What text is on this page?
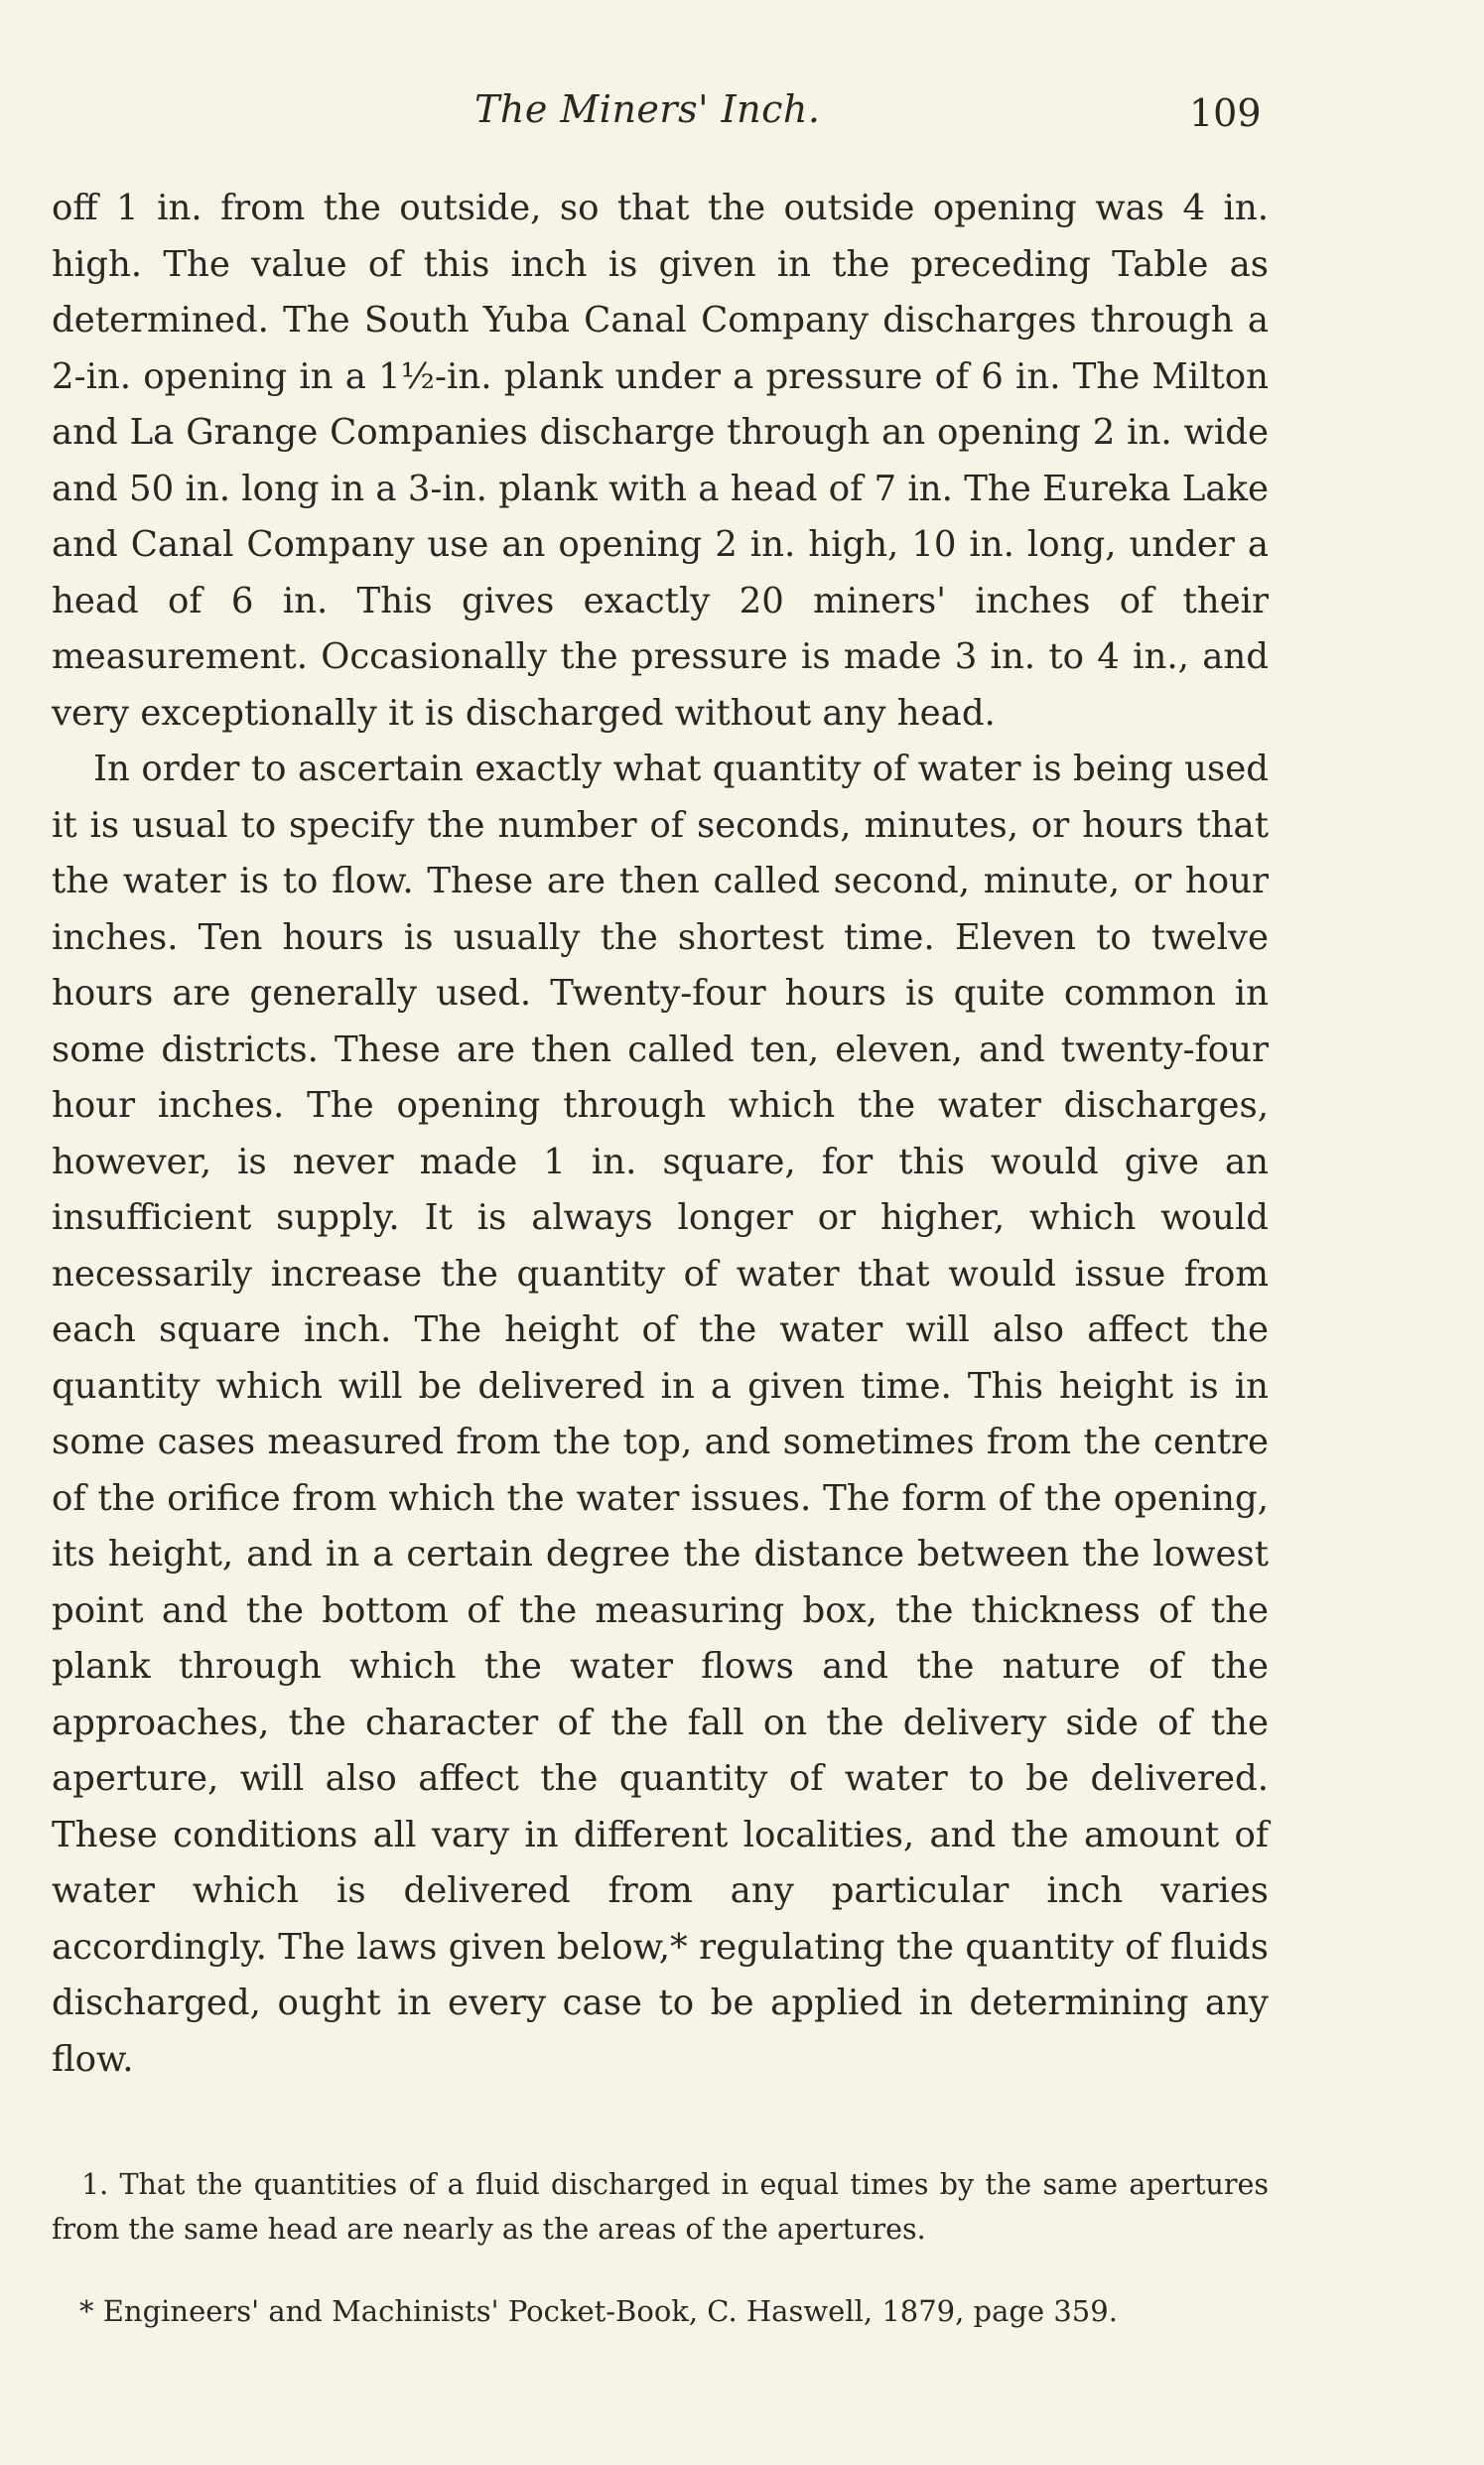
The Miners' Inch.	109

off 1 in. from the outside, so that the outside opening was 4 in. high. The value of this inch is given in the preceding Table as determined. The South Yuba Canal Company discharges through a 2-in. opening in a 1½-in. plank under a pressure of 6 in. The Milton and La Grange Companies discharge through an opening 2 in. wide and 50 in. long in a 3-in. plank with a head of 7 in. The Eureka Lake and Canal Company use an opening 2 in. high, 10 in. long, under a head of 6 in. This gives exactly 20 miners' inches of their measurement. Occasionally the pressure is made 3 in. to 4 in., and very exceptionally it is discharged without any head.

In order to ascertain exactly what quantity of water is being used it is usual to specify the number of seconds, minutes, or hours that the water is to flow. These are then called second, minute, or hour inches. Ten hours is usually the shortest time. Eleven to twelve hours are generally used. Twenty-four hours is quite common in some districts. These are then called ten, eleven, and twenty-four hour inches. The opening through which the water discharges, however, is never made 1 in. square, for this would give an insufficient supply. It is always longer or higher, which would necessarily increase the quantity of water that would issue from each square inch. The height of the water will also affect the quantity which will be delivered in a given time. This height is in some cases measured from the top, and sometimes from the centre of the orifice from which the water issues. The form of the opening, its height, and in a certain degree the distance between the lowest point and the bottom of the measuring box, the thickness of the plank through which the water flows and the nature of the approaches, the character of the fall on the delivery side of the aperture, will also affect the quantity of water to be delivered. These conditions all vary in different localities, and the amount of water which is delivered from any particular inch varies accordingly. The laws given below,* regulating the quantity of fluids discharged, ought in every case to be applied in determining any flow.

1. That the quantities of a fluid discharged in equal times by the same apertures from the same head are nearly as the areas of the apertures.

* Engineers' and Machinists' Pocket-Book, C. Haswell, 1879, page 359.
